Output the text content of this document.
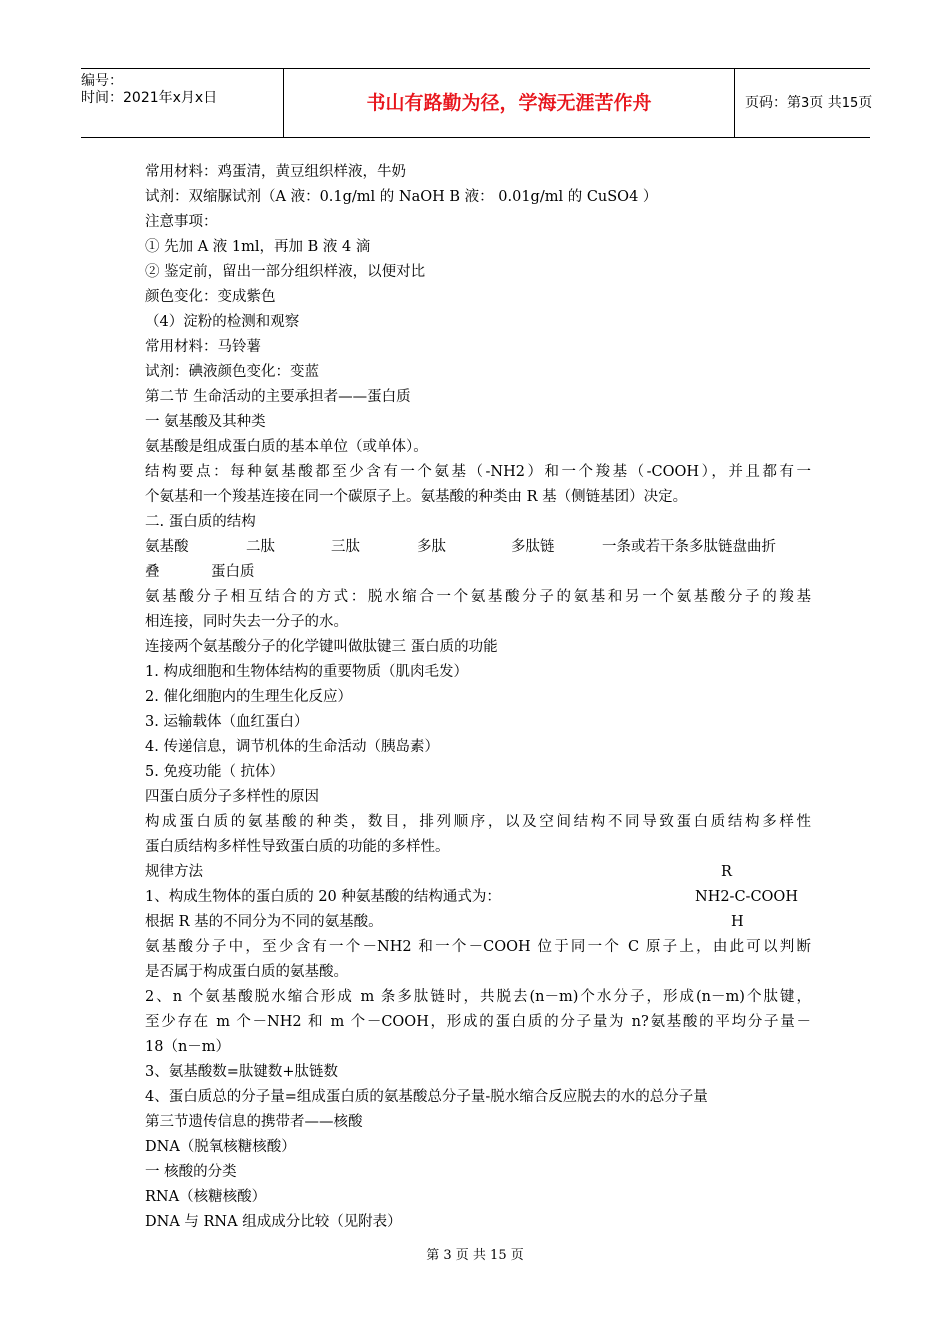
编号：
时间：2021年x月x日	书山有路勤为径，学海无涯苦作舟	页码：第3页 共15页
常用材料：鸡蛋清，黄豆组织样液，牛奶
试剂：双缩脲试剂（A 液：0.1g/ml 的 NaOH B 液： 0.01g/ml 的 CuSO4 ）
注意事项：
① 先加 A 液 1ml，再加 B 液 4 滴
② 鉴定前，留出一部分组织样液，以便对比
颜色变化：变成紫色
（4）淀粉的检测和观察
常用材料：马铃薯
试剂：碘液颜色变化：变蓝
第二节 生命活动的主要承担者——蛋白质
一 氨基酸及其种类
氨基酸是组成蛋白质的基本单位（或单体）。
结构要点：每种氨基酸都至少含有一个氨基（-NH2）和一个羧基（-COOH），并且都有一
个氨基和一个羧基连接在同一个碳原子上。氨基酸的种类由 R 基（侧链基团）决定。
二. 蛋白质的结构
氨基酸	二肽	三肽	多肽	多肽链	一条或若干条多肽链盘曲折
叠	蛋白质
氨基酸分子相互结合的方式：脱水缩合一个氨基酸分子的氨基和另一个氨基酸分子的羧基
相连接，同时失去一分子的水。
连接两个氨基酸分子的化学键叫做肽键三 蛋白质的功能
1. 构成细胞和生物体结构的重要物质（肌肉毛发）
2. 催化细胞内的生理生化反应）
3. 运输载体（血红蛋白）
4. 传递信息，调节机体的生命活动（胰岛素）
5. 免疫功能（ 抗体）
四蛋白质分子多样性的原因
构成蛋白质的氨基酸的种类，数目，排列顺序，以及空间结构不同导致蛋白质结构多样性
蛋白质结构多样性导致蛋白质的功能的多样性。
规律方法	R
1、构成生物体的蛋白质的 20 种氨基酸的结构通式为：	NH2-C-COOH
根据 R 基的不同分为不同的氨基酸。	H
氨基酸分子中，至少含有一个－NH2 和一个－COOH 位于同一个 C 原子上，由此可以判断
是否属于构成蛋白质的氨基酸。
2、n 个氨基酸脱水缩合形成 m 条多肽链时，共脱去(n－m)个水分子，形成(n－m)个肽键，
至少存在 m 个－NH2 和 m 个－COOH，形成的蛋白质的分子量为 n?氨基酸的平均分子量－
18（n－m）
3、氨基酸数=肽键数+肽链数
4、蛋白质总的分子量=组成蛋白质的氨基酸总分子量-脱水缩合反应脱去的水的总分子量
第三节遗传信息的携带者——核酸
DNA（脱氧核糖核酸）
一 核酸的分类
RNA（核糖核酸）
DNA 与 RNA 组成成分比较（见附表）
第 3 页 共 15 页
